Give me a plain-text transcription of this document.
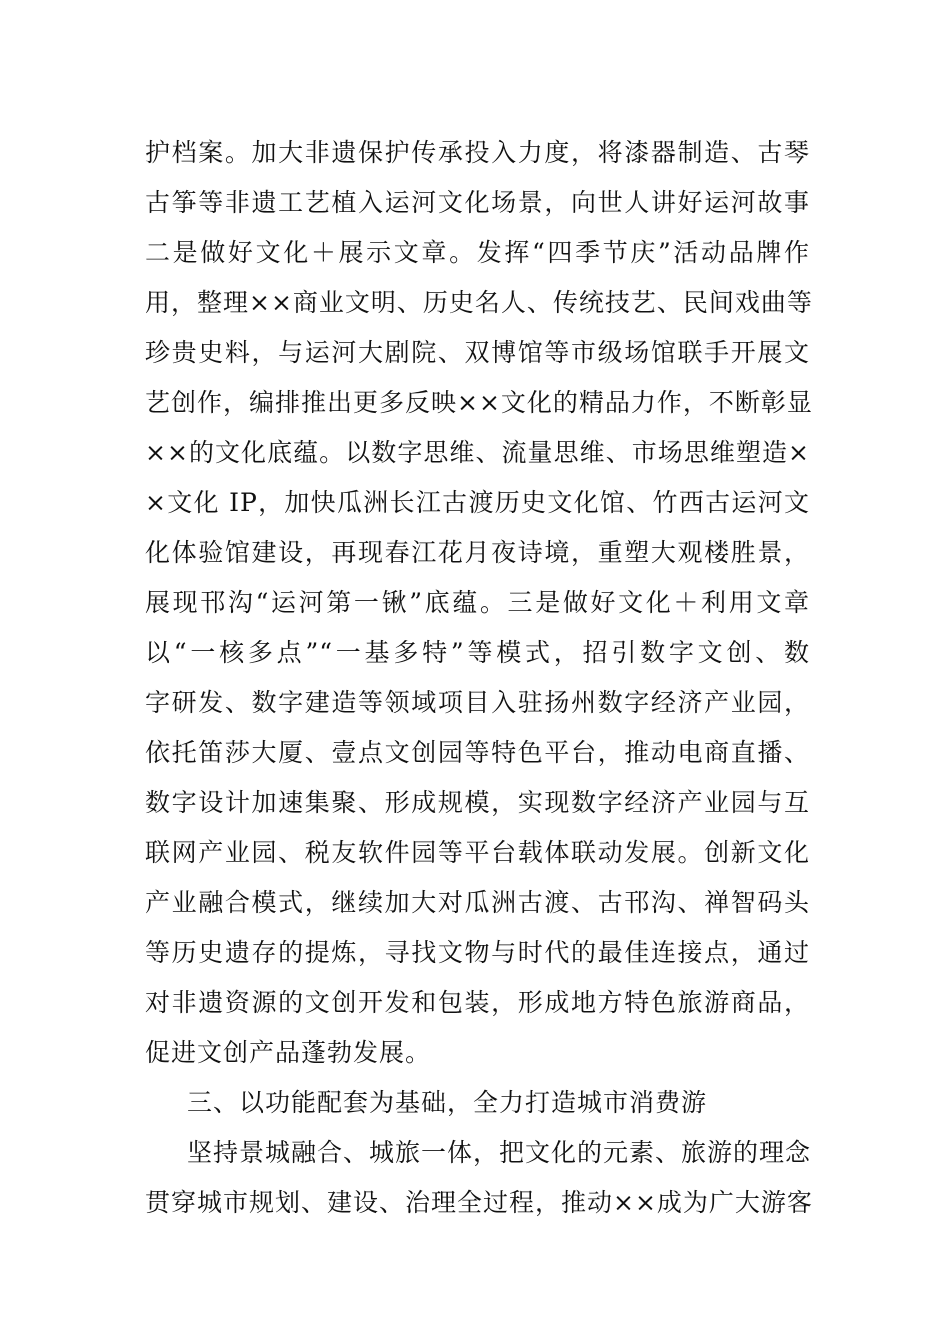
护档案。加大非遗保护传承投入力度，将漆器制造、古琴
古筝等非遗工艺植入运河文化场景，向世人讲好运河故事
二是做好文化＋展示文章。发挥“四季节庆”活动品牌作
用，整理××商业文明、历史名人、传统技艺、民间戏曲等
珍贵史料，与运河大剧院、双博馆等市级场馆联手开展文
艺创作，编排推出更多反映××文化的精品力作，不断彰显
××的文化底蕴。以数字思维、流量思维、市场思维塑造×
×文化 IP，加快瓜洲长江古渡历史文化馆、竹西古运河文
化体验馆建设，再现春江花月夜诗境，重塑大观楼胜景，
展现邗沟“运河第一锹”底蕴。三是做好文化＋利用文章
以“一核多点”“一基多特”等模式，招引数字文创、数
字研发、数字建造等领域项目入驻扬州数字经济产业园，
依托笛莎大厦、壹点文创园等特色平台，推动电商直播、
数字设计加速集聚、形成规模，实现数字经济产业园与互
联网产业园、税友软件园等平台载体联动发展。创新文化
产业融合模式，继续加大对瓜洲古渡、古邗沟、禅智码头
等历史遗存的提炼，寻找文物与时代的最佳连接点，通过
对非遗资源的文创开发和包装，形成地方特色旅游商品，
促进文创产品蓬勃发展。
三、以功能配套为基础，全力打造城市消费游
坚持景城融合、城旅一体，把文化的元素、旅游的理念
贯穿城市规划、建设、治理全过程，推动××成为广大游客
